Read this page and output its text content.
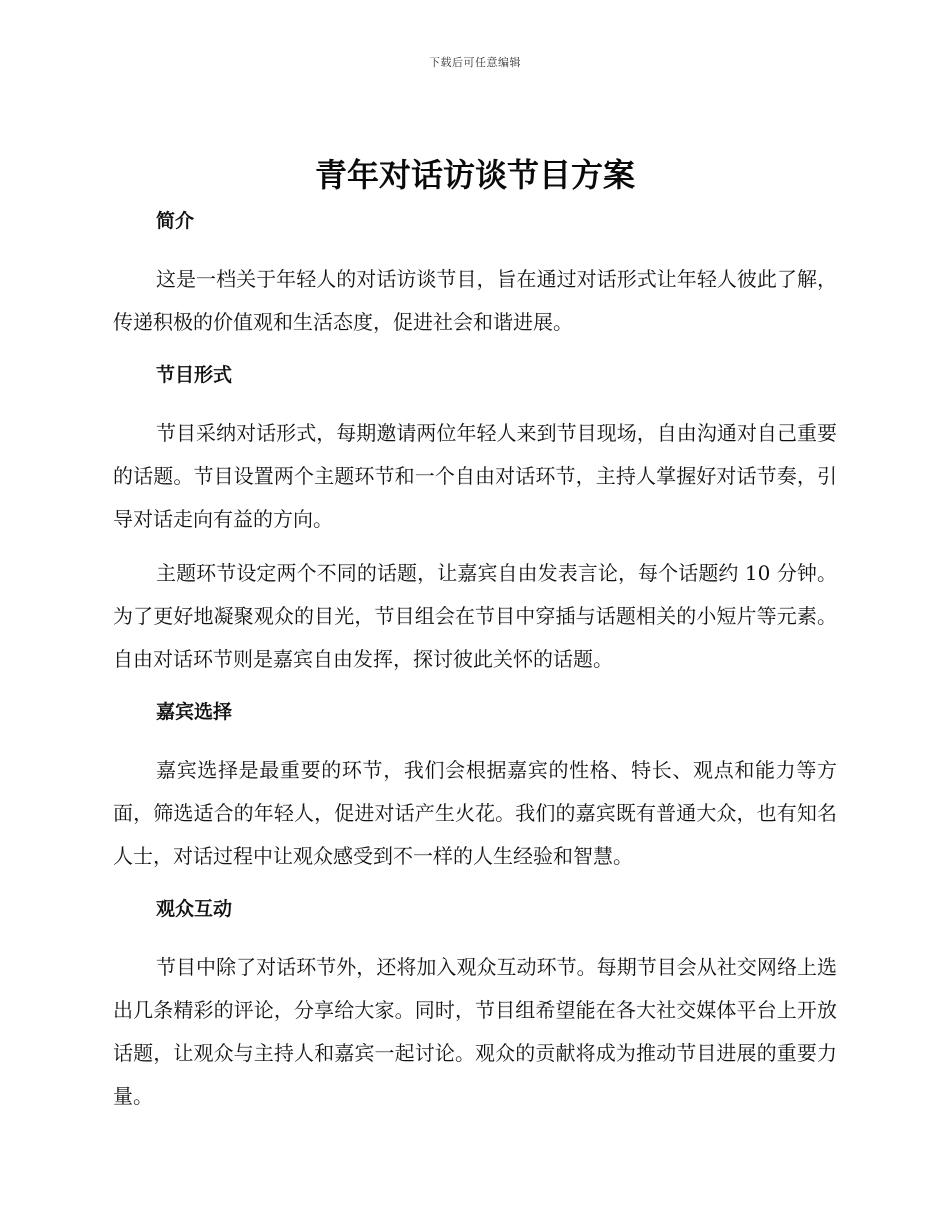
下载后可任意编辑
青年对话访谈节目方案
简介

这是一档关于年轻人的对话访谈节目，旨在通过对话形式让年轻人彼此了解，传递积极的价值观和生活态度，促进社会和谐进展。

节目形式

节目采纳对话形式，每期邀请两位年轻人来到节目现场，自由沟通对自己重要的话题。节目设置两个主题环节和一个自由对话环节，主持人掌握好对话节奏，引导对话走向有益的方向。

主题环节设定两个不同的话题，让嘉宾自由发表言论，每个话题约 10 分钟。为了更好地凝聚观众的目光，节目组会在节目中穿插与话题相关的小短片等元素。自由对话环节则是嘉宾自由发挥，探讨彼此关怀的话题。

嘉宾选择

嘉宾选择是最重要的环节，我们会根据嘉宾的性格、特长、观点和能力等方面，筛选适合的年轻人，促进对话产生火花。我们的嘉宾既有普通大众，也有知名人士，对话过程中让观众感受到不一样的人生经验和智慧。

观众互动

节目中除了对话环节外，还将加入观众互动环节。每期节目会从社交网络上选出几条精彩的评论，分享给大家。同时，节目组希望能在各大社交媒体平台上开放话题，让观众与主持人和嘉宾一起讨论。观众的贡献将成为推动节目进展的重要力量。
